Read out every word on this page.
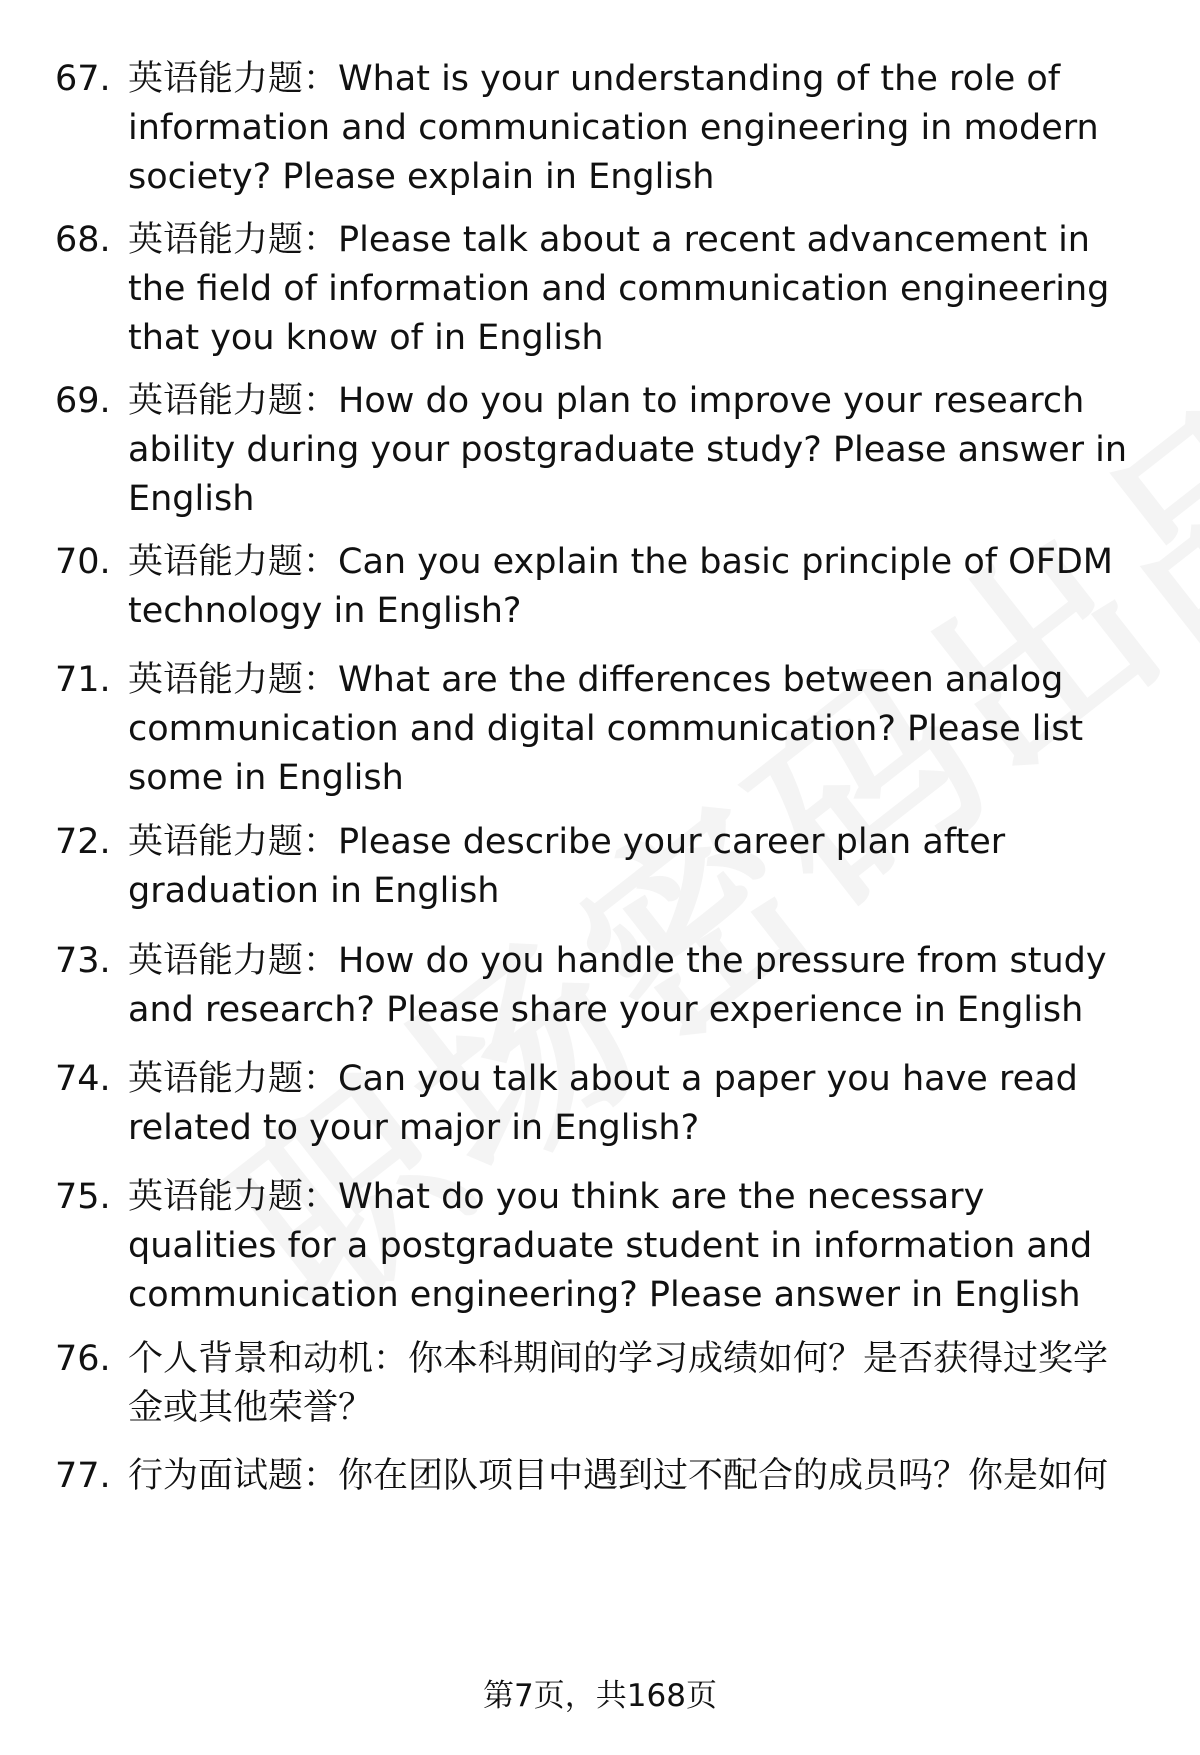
67. 英语能力题：What is your understanding of the role of information and communication engineering in modern society? Please explain in English
68. 英语能力题：Please talk about a recent advancement in the field of information and communication engineering that you know of in English
69. 英语能力题：How do you plan to improve your research ability during your postgraduate study? Please answer in English
70. 英语能力题：Can you explain the basic principle of OFDM technology in English?
71. 英语能力题：What are the differences between analog communication and digital communication? Please list some in English
72. 英语能力题：Please describe your career plan after graduation in English
73. 英语能力题：How do you handle the pressure from study and research? Please share your experience in English
74. 英语能力题：Can you talk about a paper you have read related to your major in English?
75. 英语能力题：What do you think are the necessary qualities for a postgraduate student in information and communication engineering? Please answer in English
76. 个人背景和动机：你本科期间的学习成绩如何？是否获得过奖学金或其他荣誉？
77. 行为面试题：你在团队项目中遇到过不配合的成员吗？你是如何
第7页，共168页
